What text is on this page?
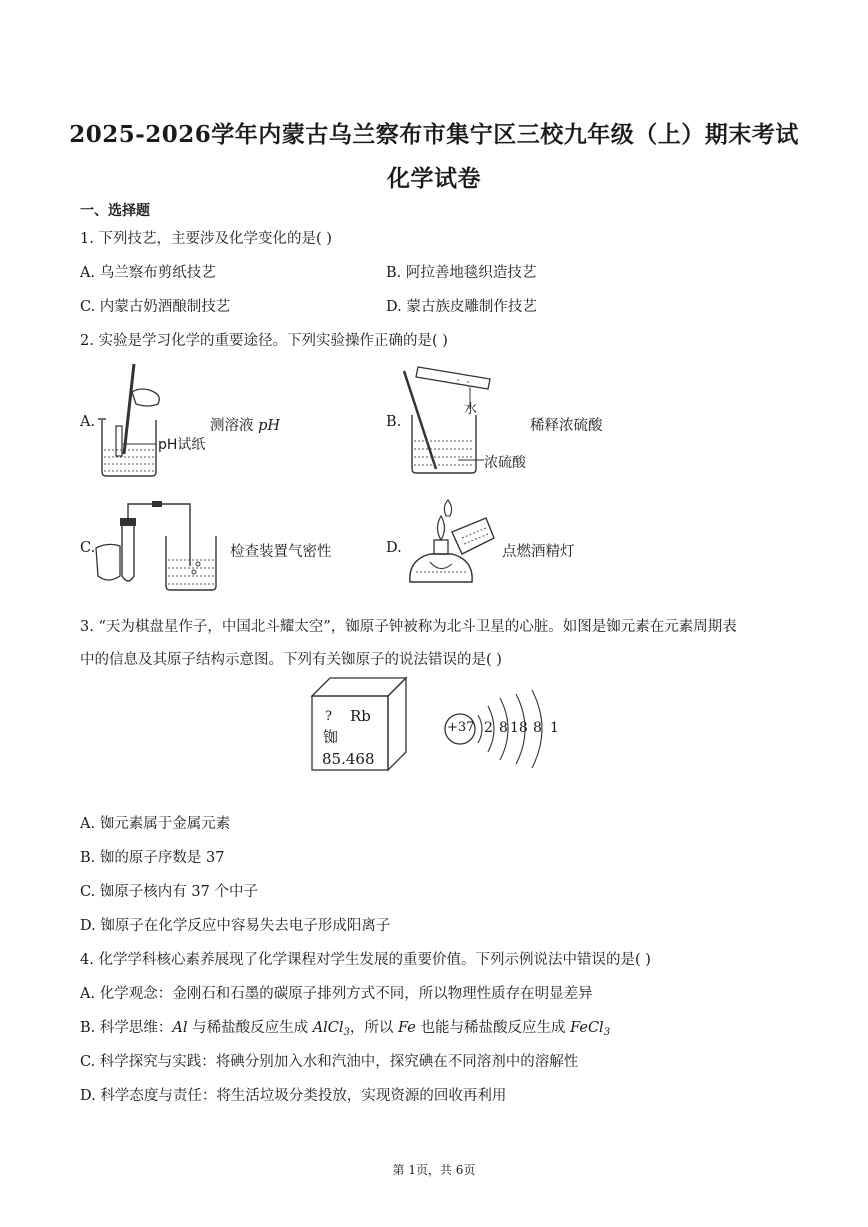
2025-2026学年内蒙古乌兰察布市集宁区三校九年级（上）期末考试
化学试卷
一、选择题
1. 下列技艺，主要涉及化学变化的是( )
A. 乌兰察布剪纸技艺	B. 阿拉善地毯织造技艺
C. 内蒙古奶酒酿制技艺	D. 蒙古族皮雕制作技艺
2. 实验是学习化学的重要途径。下列实验操作正确的是( )
A.
pH试纸
测溶液 pH	B.
水
浓硫酸
稀释浓硫酸
C.	检查装置气密性	D.	点燃酒精灯
3. “天为棋盘星作子，中国北斗耀太空”，铷原子钟被称为北斗卫星的心脏。如图是铷元素在元素周期表
中的信息及其原子结构示意图。下列有关铷原子的说法错误的是( )
? Rb
铷
85.468
+37 2 8 18 8 1
A. 铷元素属于金属元素
B. 铷的原子序数是 37
C. 铷原子核内有 37 个中子
D. 铷原子在化学反应中容易失去电子形成阳离子
4. 化学学科核心素养展现了化学课程对学生发展的重要价值。下列示例说法中错误的是( )
A. 化学观念：金刚石和石墨的碳原子排列方式不同，所以物理性质存在明显差异
B. 科学思维：Al 与稀盐酸反应生成 AlCl$_3$，所以 Fe 也能与稀盐酸反应生成 FeCl$_3$
C. 科学探究与实践：将碘分别加入水和汽油中，探究碘在不同溶剂中的溶解性
D. 科学态度与责任：将生活垃圾分类投放，实现资源的回收再利用
第 1页，共 6页
